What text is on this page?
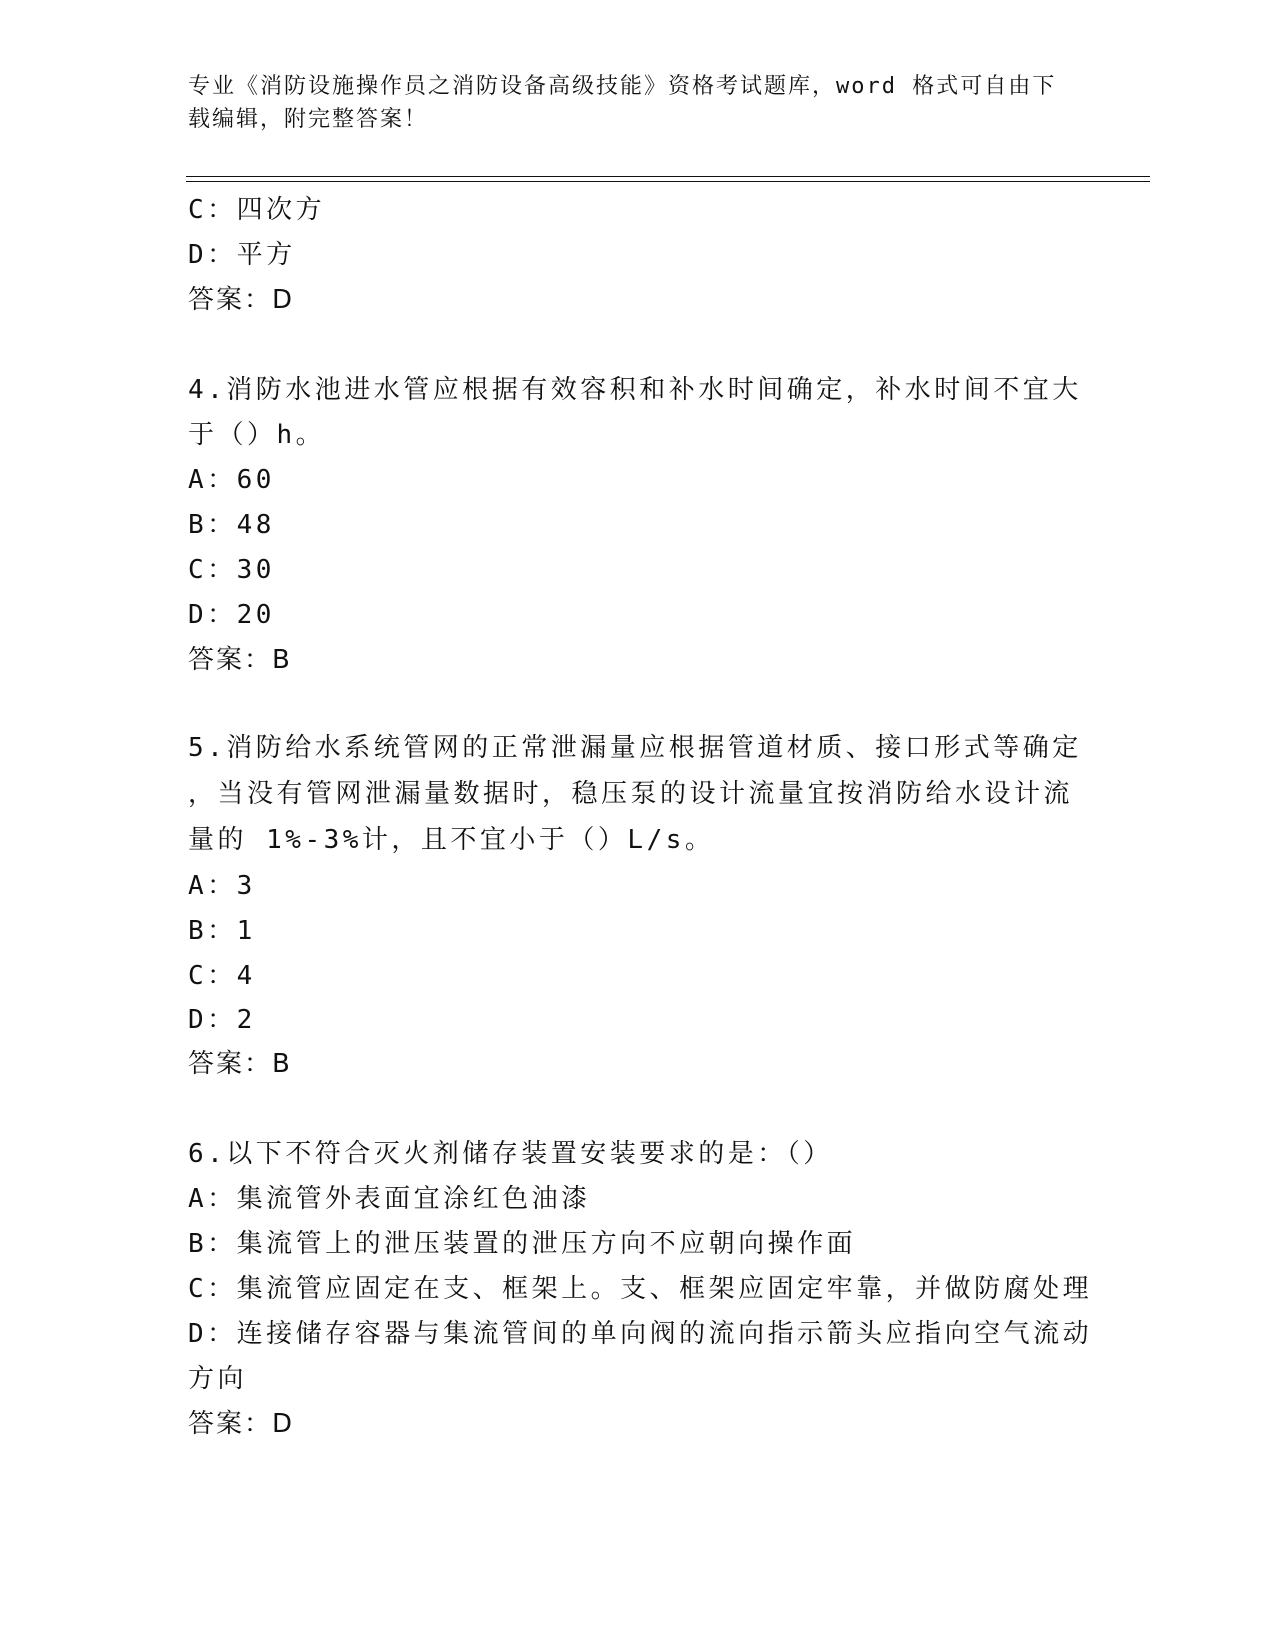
专业《消防设施操作员之消防设备高级技能》资格考试题库，word 格式可自由下载编辑，附完整答案！
C：四次方
D：平方
答案：D
4.消防水池进水管应根据有效容积和补水时间确定，补水时间不宜大
于（）h。
A：60
B：48
C：30
D：20
答案：B
5.消防给水系统管网的正常泄漏量应根据管道材质、接口形式等确定
，当没有管网泄漏量数据时，稳压泵的设计流量宜按消防给水设计流
量的 1%-3%计，且不宜小于（）L/s。
A：3
B：1
C：4
D：2
答案：B
6.以下不符合灭火剂储存装置安装要求的是：（）
A：集流管外表面宜涂红色油漆
B：集流管上的泄压装置的泄压方向不应朝向操作面
C：集流管应固定在支、框架上。支、框架应固定牢靠，并做防腐处理
D：连接储存容器与集流管间的单向阀的流向指示箭头应指向空气流动
方向
答案：D
